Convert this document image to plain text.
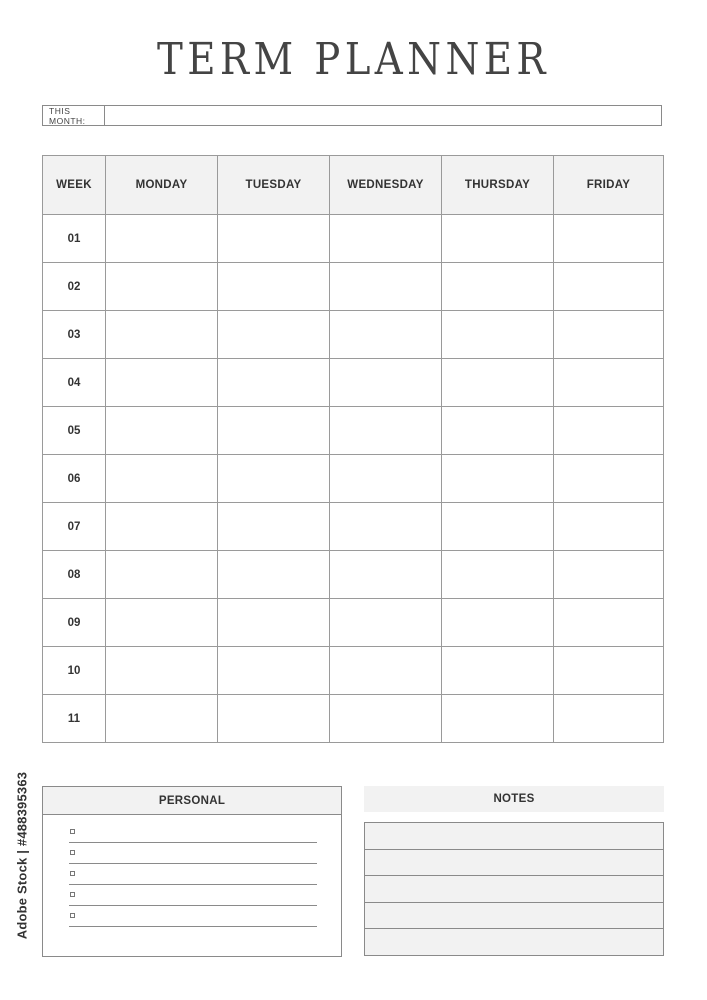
TERM PLANNER
THIS MONTH:
WEEK	MONDAY	TUESDAY	WEDNESDAY	THURSDAY	FRIDAY
01					
02					
03					
04					
05					
06					
07					
08					
09					
10					
11					
PERSONAL	NOTES
Adobe Stock | #488395363
